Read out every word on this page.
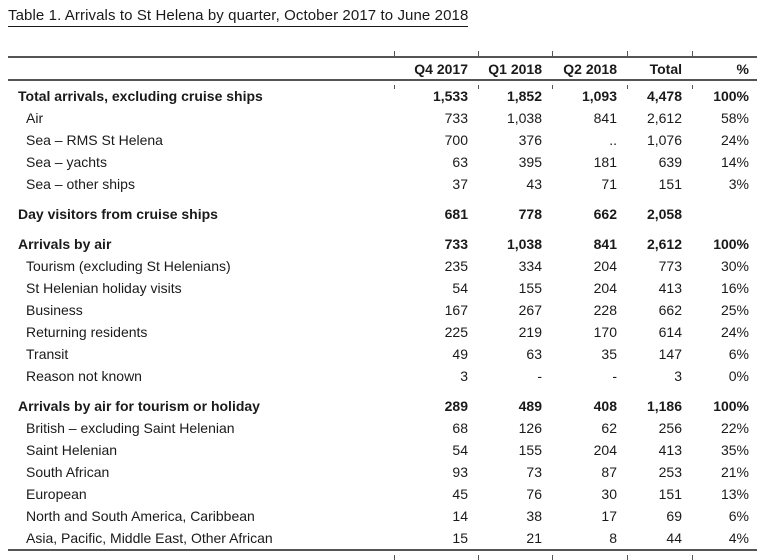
Table 1. Arrivals to St Helena by quarter, October 2017 to June 2018
Q4 2017	Q1 2018	Q2 2018	Total	%
Total arrivals, excluding cruise ships	1,533	1,852	1,093	4,478	100%
Air	733	1,038	841	2,612	58%
Sea – RMS St Helena	700	376	..	1,076	24%
Sea – yachts	63	395	181	639	14%
Sea – other ships	37	43	71	151	3%
Day visitors from cruise ships	681	778	662	2,058
Arrivals by air	733	1,038	841	2,612	100%
Tourism (excluding St Helenians)	235	334	204	773	30%
St Helenian holiday visits	54	155	204	413	16%
Business	167	267	228	662	25%
Returning residents	225	219	170	614	24%
Transit	49	63	35	147	6%
Reason not known	3	-	-	3	0%
Arrivals by air for tourism or holiday	289	489	408	1,186	100%
British – excluding Saint Helenian	68	126	62	256	22%
Saint Helenian	54	155	204	413	35%
South African	93	73	87	253	21%
European	45	76	30	151	13%
North and South America, Caribbean	14	38	17	69	6%
Asia, Pacific, Middle East, Other African	15	21	8	44	4%
